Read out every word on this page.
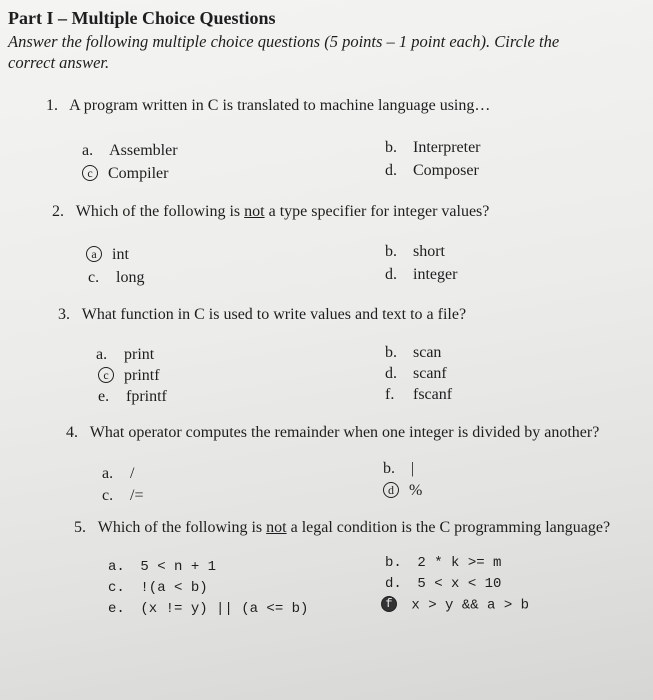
Part I – Multiple Choice Questions
Answer the following multiple choice questions (5 points – 1 point each). Circle the
correct answer.
1. A program written in C is translated to machine language using…
a. Assembler	b. Interpreter
c Compiler	d. Composer
2. Which of the following is not a type specifier for integer values?
a int	b. short
c. long	d. integer
3. What function in C is used to write values and text to a file?
a. print	b. scan
c printf	d. scanf
e. fprintf	f. fscanf
4. What operator computes the remainder when one integer is divided by another?
a. /	b. |
c. /=	d %
5. Which of the following is not a legal condition is the C programming language?
a. 5 < n + 1	b. 2 * k >= m
c. !(a < b)	d. 5 < x < 10
e. (x != y) || (a <= b)	f x > y && a > b
